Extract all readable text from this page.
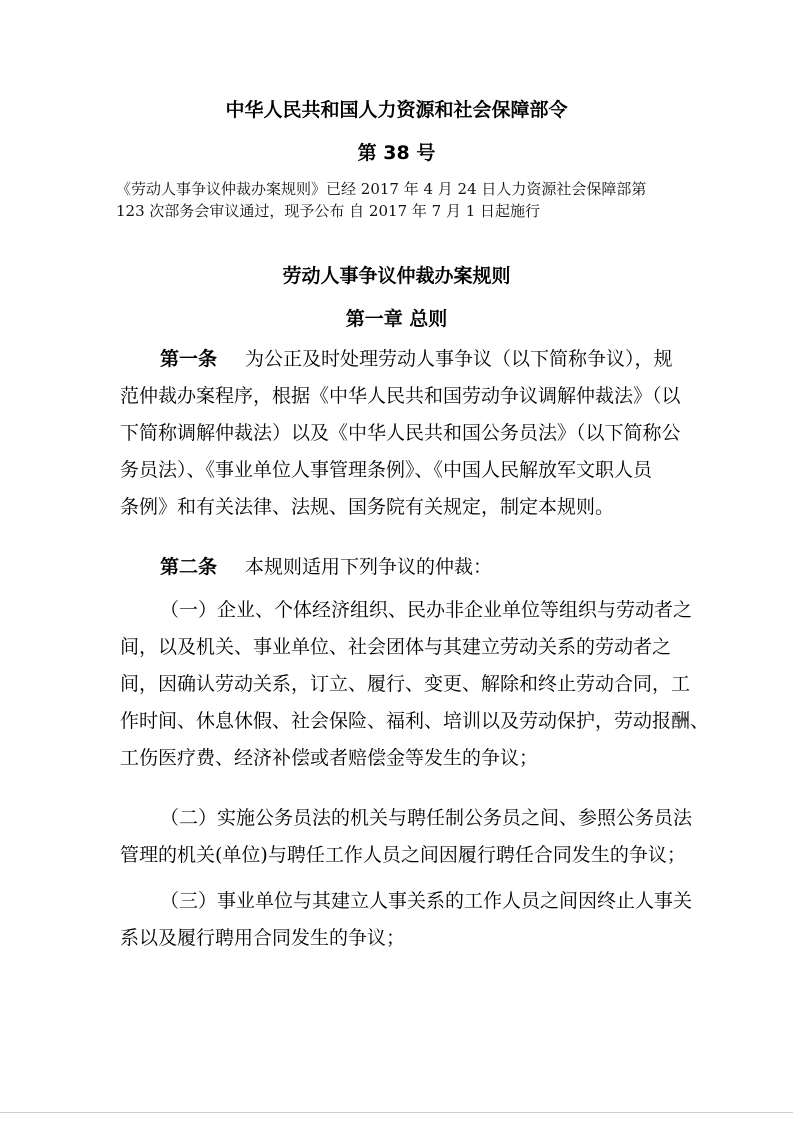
中华人民共和国人力资源和社会保障部令
第 38 号
《劳动人事争议仲裁办案规则》已经 2017 年 4 月 24 日人力资源社会保障部第
123 次部务会审议通过，现予公布 自 2017 年 7 月 1 日起施行
劳动人事争议仲裁办案规则
第一章 总则
第一条 为公正及时处理劳动人事争议（以下简称争议），规
范仲裁办案程序，根据《中华人民共和国劳动争议调解仲裁法》（以
下简称调解仲裁法）以及《中华人民共和国公务员法》（以下简称公
务员法）、《事业单位人事管理条例》、《中国人民解放军文职人员
条例》和有关法律、法规、国务院有关规定，制定本规则。
第二条 本规则适用下列争议的仲裁：
（一）企业、个体经济组织、民办非企业单位等组织与劳动者之
间，以及机关、事业单位、社会团体与其建立劳动关系的劳动者之
间，因确认劳动关系，订立、履行、变更、解除和终止劳动合同，工
作时间、休息休假、社会保险、福利、培训以及劳动保护，劳动报酬、
工伤医疗费、经济补偿或者赔偿金等发生的争议；
（二）实施公务员法的机关与聘任制公务员之间、参照公务员法
管理的机关(单位)与聘任工作人员之间因履行聘任合同发生的争议；
（三）事业单位与其建立人事关系的工作人员之间因终止人事关
系以及履行聘用合同发生的争议；
